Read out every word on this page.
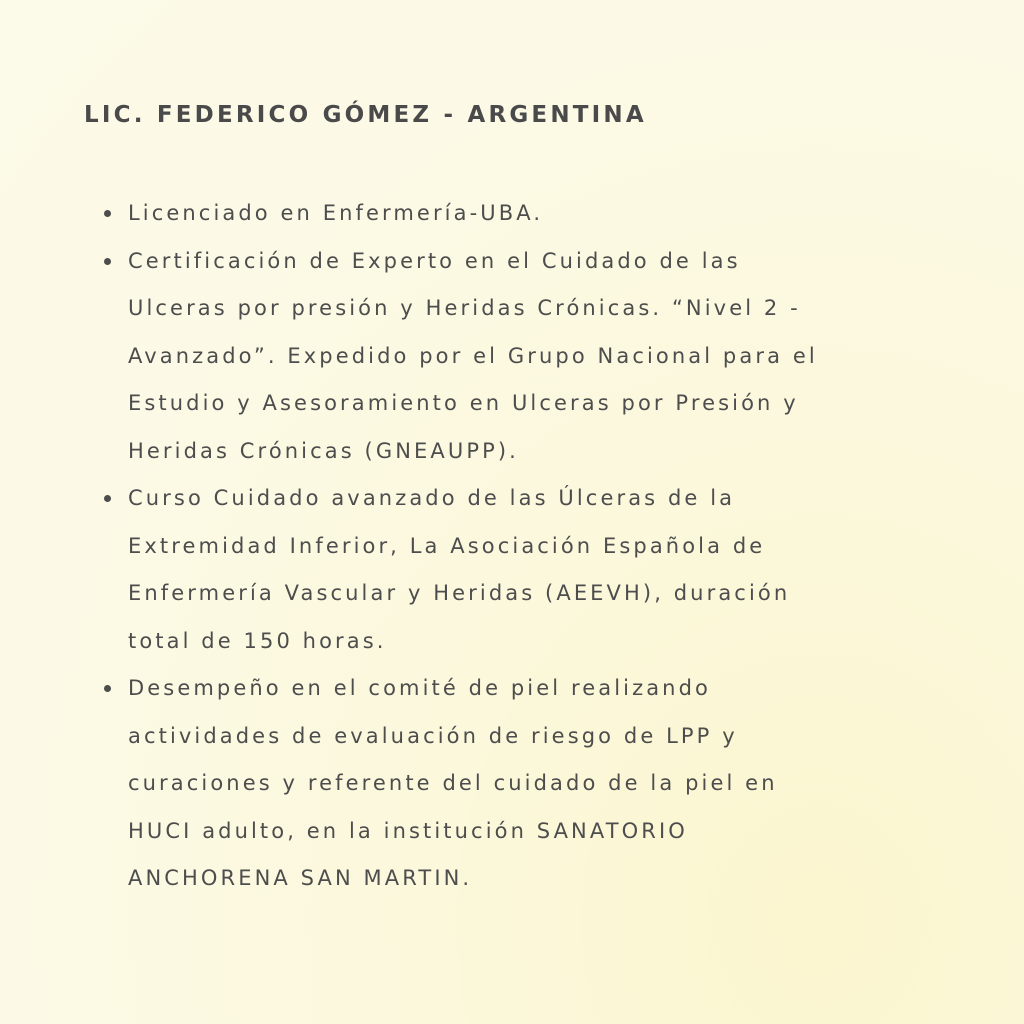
LIC. FEDERICO GÓMEZ - ARGENTINA
Licenciado en Enfermería-UBA.
Certificación de Experto en el Cuidado de las
Ulceras por presión y Heridas Crónicas. “Nivel 2 -
Avanzado”. Expedido por el Grupo Nacional para el
Estudio y Asesoramiento en Ulceras por Presión y
Heridas Crónicas (GNEAUPP).
Curso Cuidado avanzado de las Úlceras de la
Extremidad Inferior, La Asociación Española de
Enfermería Vascular y Heridas (AEEVH), duración
total de 150 horas.
Desempeño en el comité de piel realizando
actividades de evaluación de riesgo de LPP y
curaciones y referente del cuidado de la piel en
HUCI adulto, en la institución SANATORIO
ANCHORENA SAN MARTIN.
